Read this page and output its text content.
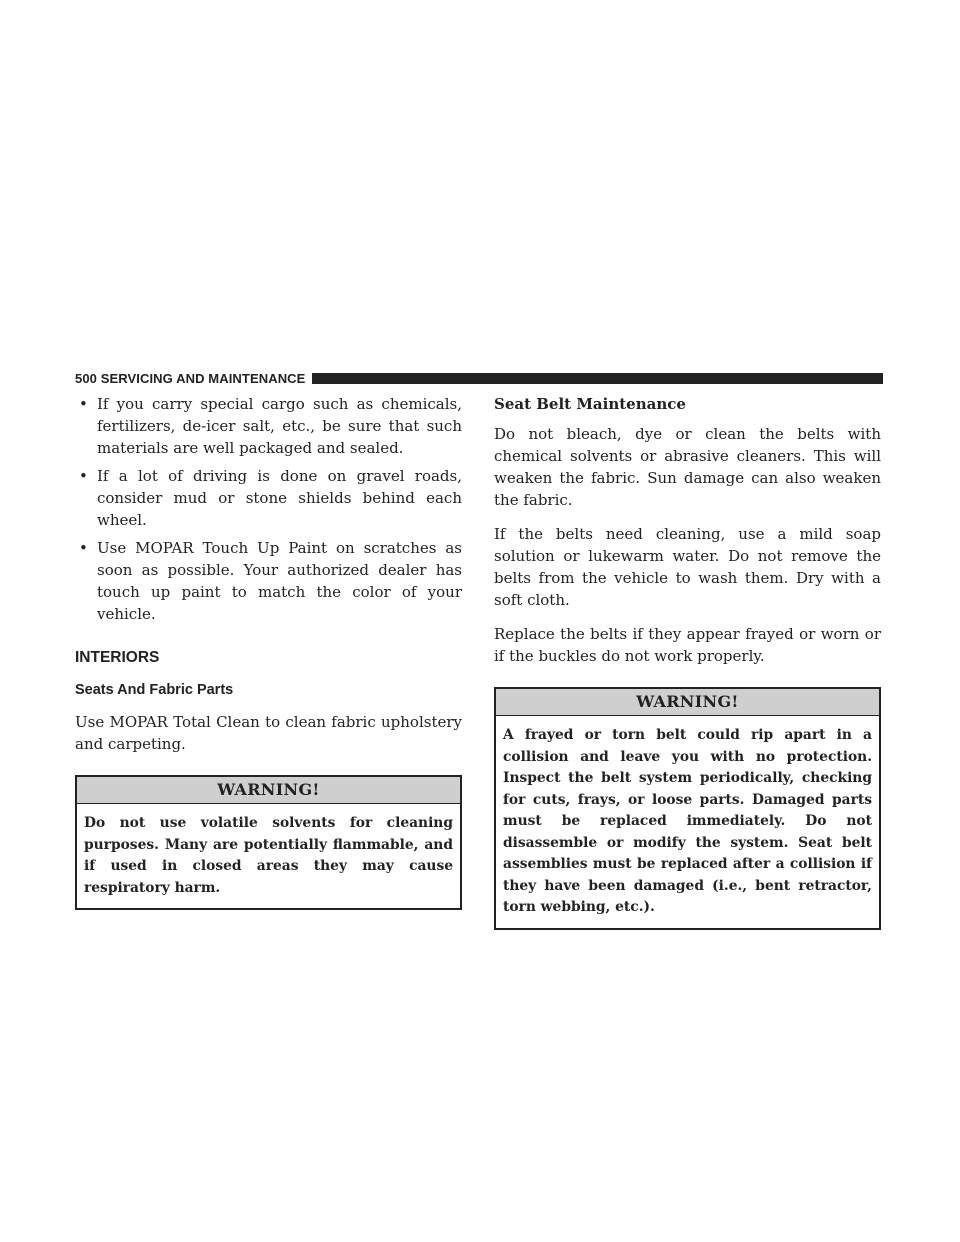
500 SERVICING AND MAINTENANCE
• If you carry special cargo such as chemicals, fertilizers, de-icer salt, etc., be sure that such materials are well packaged and sealed.
• If a lot of driving is done on gravel roads, consider mud or stone shields behind each wheel.
• Use MOPAR Touch Up Paint on scratches as soon as possible. Your authorized dealer has touch up paint to match the color of your vehicle.
INTERIORS
Seats And Fabric Parts

Use MOPAR Total Clean to clean fabric upholstery and carpeting.

WARNING!
Do not use volatile solvents for cleaning purposes. Many are potentially flammable, and if used in closed areas they may cause respiratory harm.
Seat Belt Maintenance

Do not bleach, dye or clean the belts with chemical solvents or abrasive cleaners. This will weaken the fabric. Sun damage can also weaken the fabric.

If the belts need cleaning, use a mild soap solution or lukewarm water. Do not remove the belts from the vehicle to wash them. Dry with a soft cloth.

Replace the belts if they appear frayed or worn or if the buckles do not work properly.

WARNING!
A frayed or torn belt could rip apart in a collision and leave you with no protection. Inspect the belt system periodically, checking for cuts, frays, or loose parts. Damaged parts must be replaced immediately. Do not disassemble or modify the system. Seat belt assemblies must be replaced after a collision if they have been damaged (i.e., bent retractor, torn webbing, etc.).
